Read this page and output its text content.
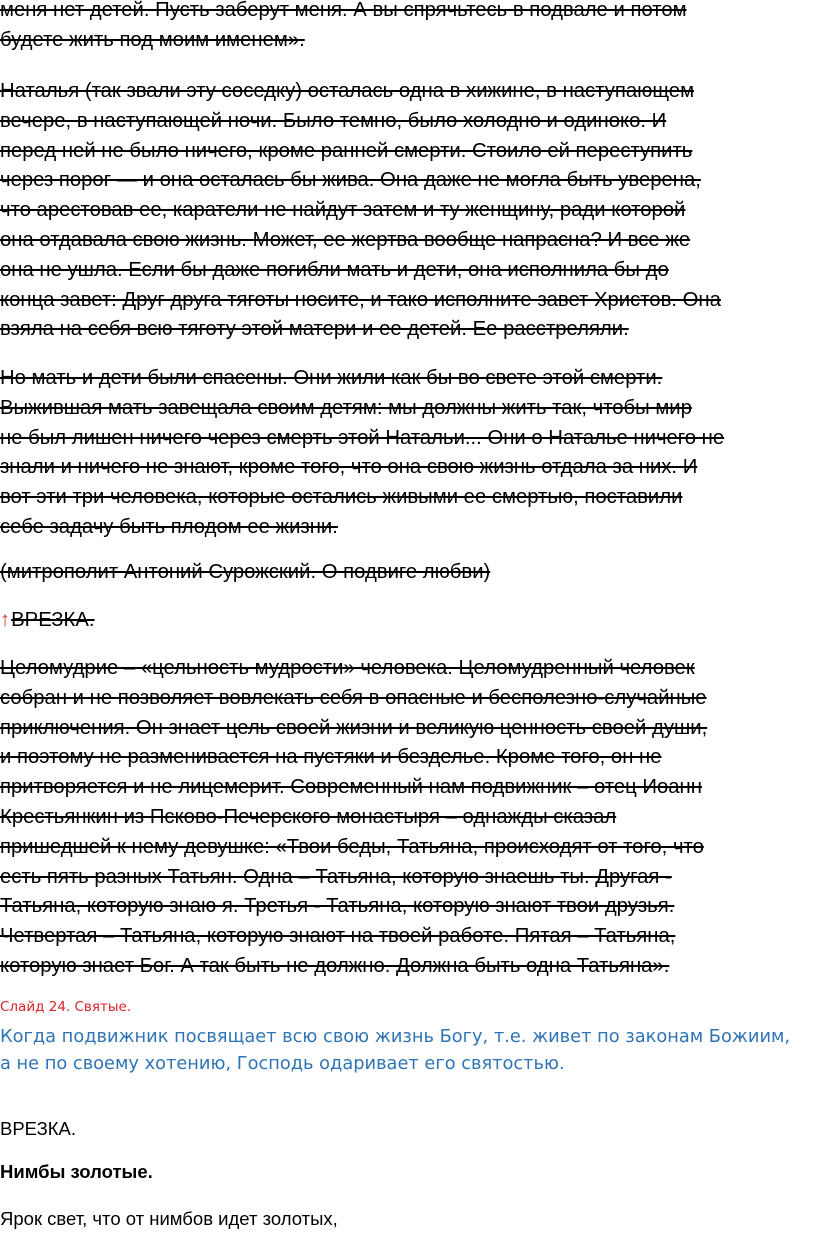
меня нет детей. Пусть заберут меня. А вы спрячьтесь в подвале и потом
будете жить под моим именем».
Наталья (так звали эту соседку) осталась одна в хижине, в наступающем
вечере, в наступающей ночи. Было темно, было холодно и одиноко. И
перед ней не было ничего, кроме ранней смерти. Стоило ей переступить
через порог — и она осталась бы жива. Она даже не могла быть уверена,
что арестовав ее, каратели не найдут затем и ту женщину, ради которой
она отдавала свою жизнь. Может, ее жертва вообще напрасна? И все же
она не ушла. Если бы даже погибли мать и дети, она исполнила бы до
конца завет: Друг друга тяготы носите, и тако исполните завет Христов. Она
взяла на себя всю тяготу этой матери и ее детей. Ее расстреляли.
Но мать и дети были спасены. Они жили как бы во свете этой смерти.
Выжившая мать завещала своим детям: мы должны жить так, чтобы мир
не был лишен ничего через смерть этой Натальи... Они о Наталье ничего не
знали и ничего не знают, кроме того, что она свою жизнь отдала за них. И
вот эти три человека, которые остались живыми ее смертью, поставили
себе задачу быть плодом ее жизни.
(митрополит Антоний Сурожский. О подвиге любви)
↑ВРЕЗКА.
Целомудрие – «цельность мудрости» человека. Целомудренный человек
собран и не позволяет вовлекать себя в опасные и бесполезно-случайные
приключения. Он знает цель своей жизни и великую ценность своей души,
и поэтому не разменивается на пустяки и безделье. Кроме того, он не
притворяется и не лицемерит. Современный нам подвижник – отец Иоанн
Крестьянкин из Псково-Печерского монастыря – однажды сказал
пришедшей к нему девушке: «Твои беды, Татьяна, происходят от того, что
есть пять разных Татьян. Одна – Татьяна, которую знаешь ты. Другая -
Татьяна, которую знаю я. Третья - Татьяна, которую знают твои друзья.
Четвертая – Татьяна, которую знают на твоей работе. Пятая – Татьяна,
которую знает Бог. А так быть не должно. Должна быть одна Татьяна».

Слайд 24. Святые.

Когда подвижник посвящает всю свою жизнь Богу, т.е. живет по законам Божиим,
а не по своему хотению, Господь одаривает его святостью.

ВРЕЗКА.

Нимбы золотые.

Ярок свет, что от нимбов идет золотых,
